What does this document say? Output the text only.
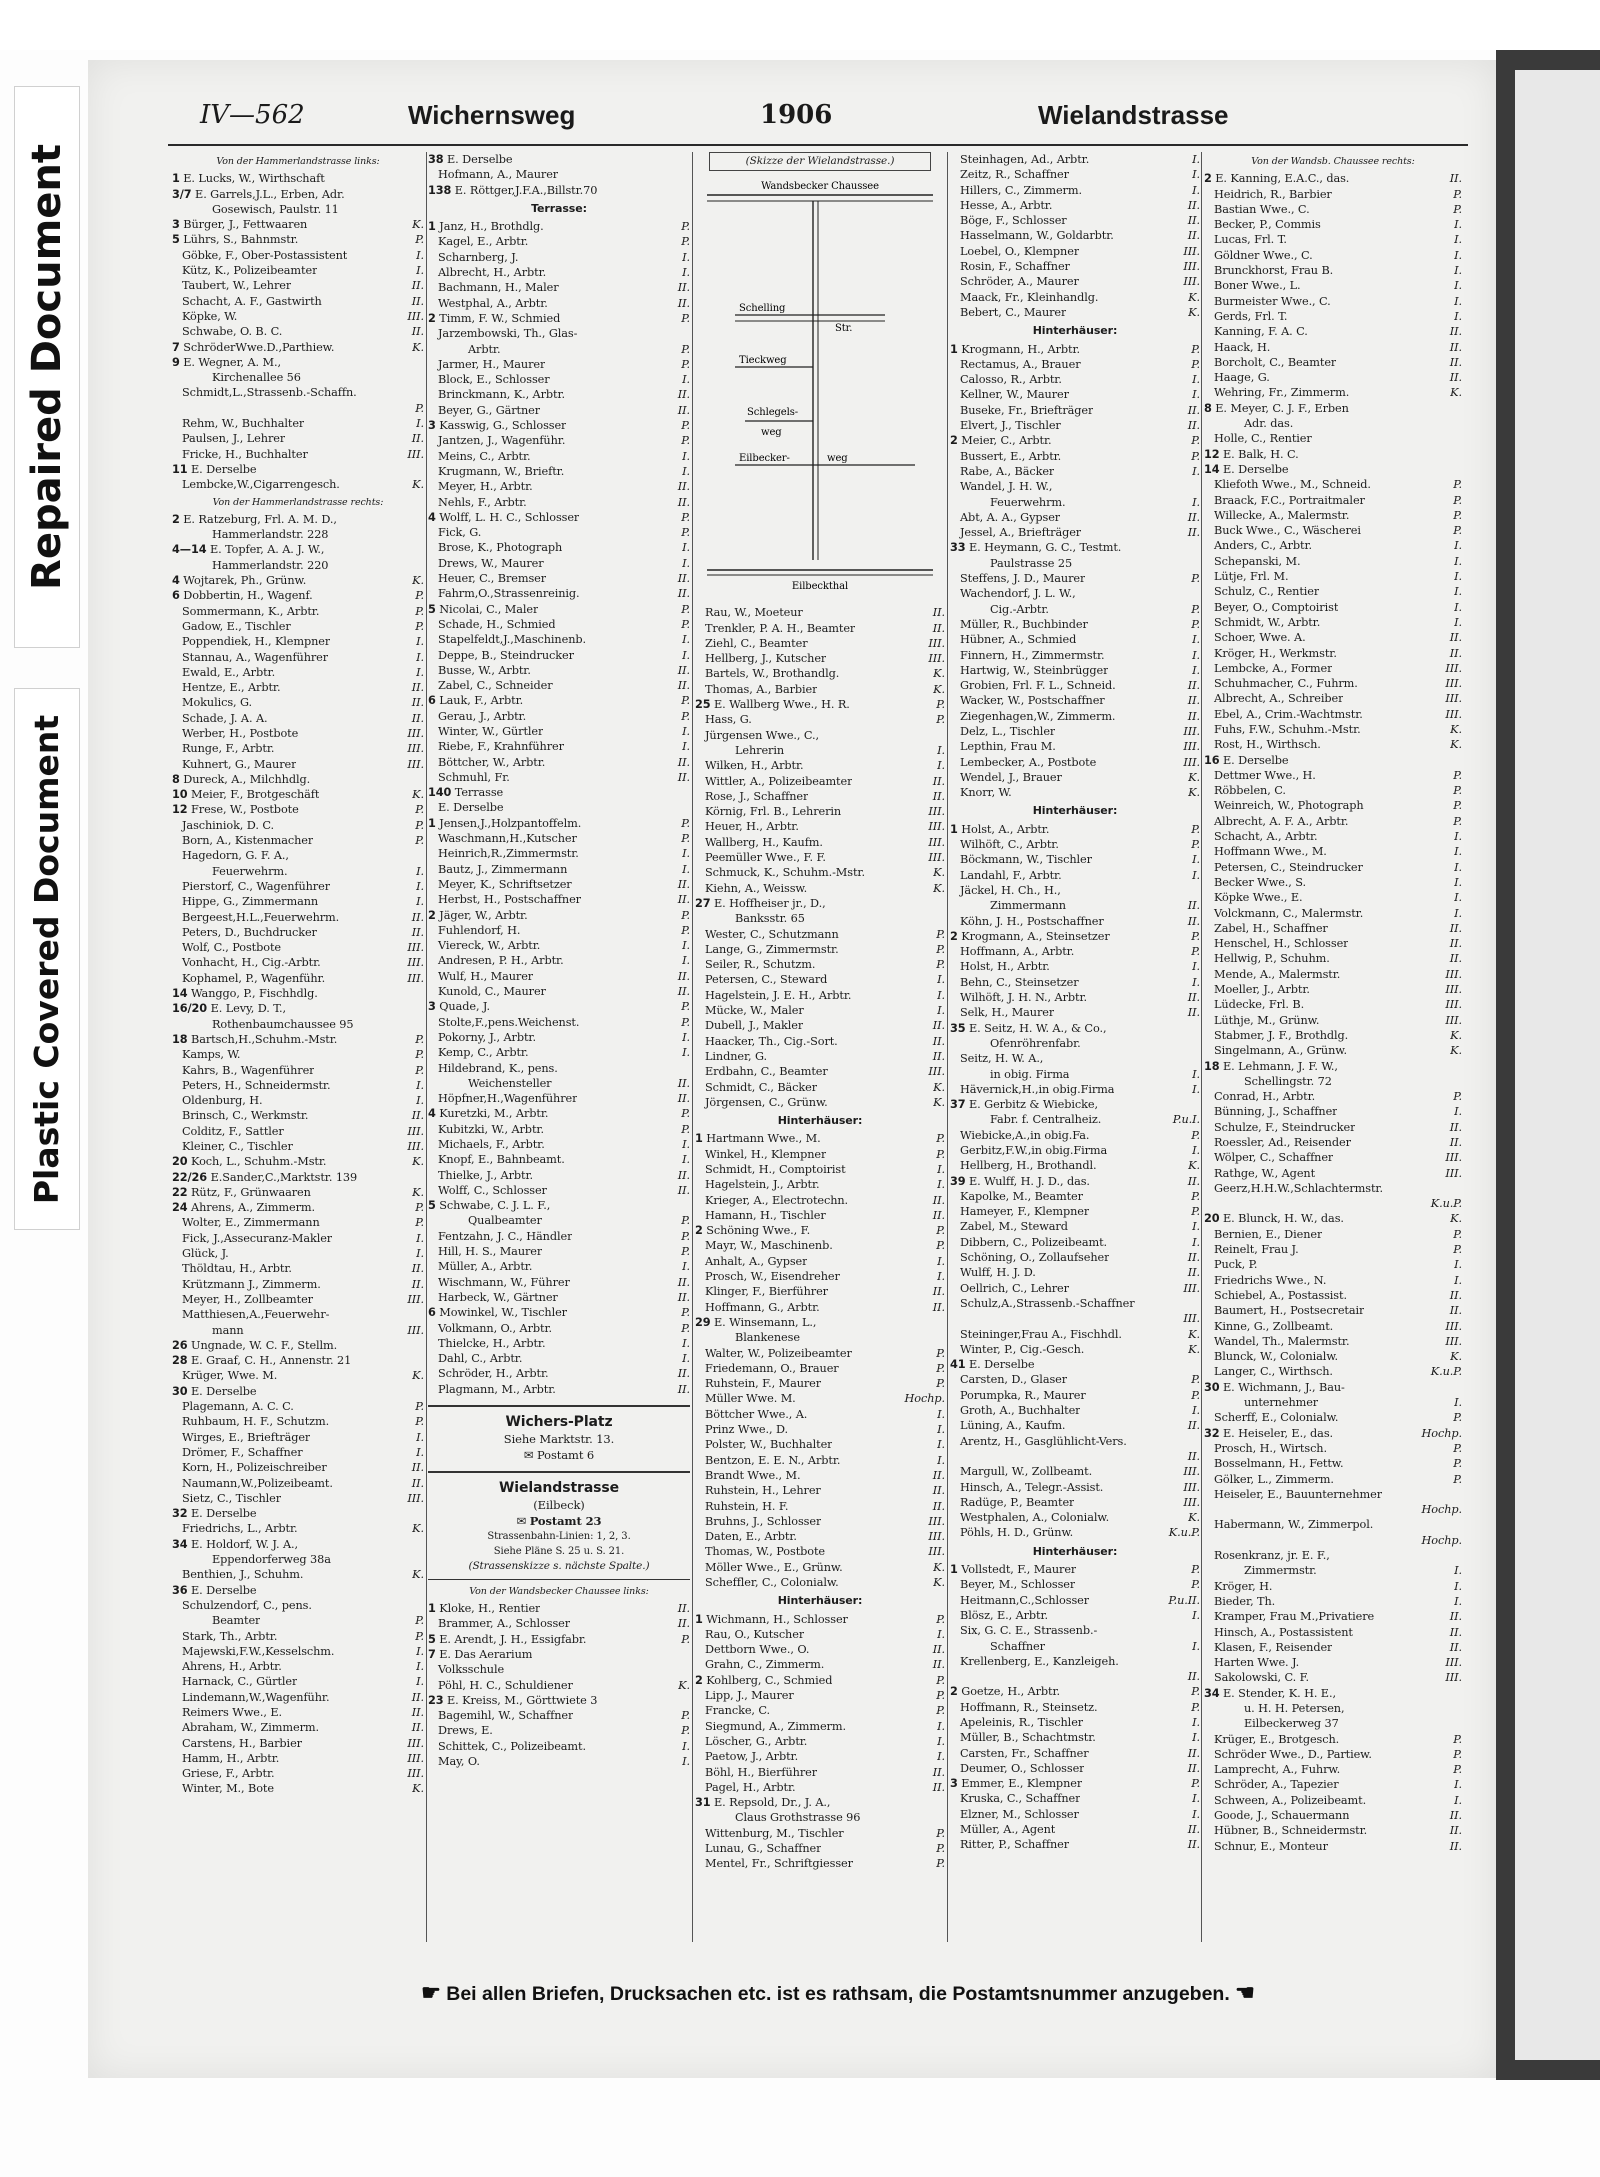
Repaired Document
Plastic Covered Document
IV—562	Wichernsweg	1906	Wielandstrasse
Von der Hammerlandstrasse links:
1 E. Lucks, W., Wirthschaft
3/7 E. Garrels,J.L., Erben, Adr.
Gosewisch, Paulstr. 11
3 Bürger, J., Fettwaaren	K.
5 Lührs, S., Bahnmstr.	P.
Göbke, F., Ober-Postassistent	I.
Kütz, K., Polizeibeamter	I.
Taubert, W., Lehrer	II.
Schacht, A. F., Gastwirth	II.
Köpke, W.	III.
Schwabe, O. B. C.	II.
7 SchröderWwe.D.,Parthiew.	K.
9 E. Wegner, A. M.,
Kirchenallee 56
Schmidt,L.,Strassenb.-Schaffn.
P.
Rehm, W., Buchhalter	I.
Paulsen, J., Lehrer	II.
Fricke, H., Buchhalter	III.
11 E. Derselbe
Lembcke,W.,Cigarrengesch.	K.
Von der Hammerlandstrasse rechts:
2 E. Ratzeburg, Frl. A. M. D.,
Hammerlandstr. 228
4—14 E. Topfer, A. A. J. W.,
Hammerlandstr. 220
4 Wojtarek, Ph., Grünw.	K.
6 Dobbertin, H., Wagenf.	P.
Sommermann, K., Arbtr.	P.
Gadow, E., Tischler	P.
Poppendiek, H., Klempner	I.
Stannau, A., Wagenführer	I.
Ewald, E., Arbtr.	I.
Hentze, E., Arbtr.	II.
Mokulics, G.	II.
Schade, J. A. A.	II.
Werber, H., Postbote	III.
Runge, F., Arbtr.	III.
Kuhnert, G., Maurer	III.
8 Dureck, A., Milchhdlg.
10 Meier, F., Brotgeschäft	K.
12 Frese, W., Postbote	P.
Jaschiniok, D. C.	P.
Born, A., Kistenmacher	P.
Hagedorn, G. F. A.,
Feuerwehrm.	I.
Pierstorf, C., Wagenführer	I.
Hippe, G., Zimmermann	I.
Bergeest,H.L.,Feuerwehrm.	II.
Peters, D., Buchdrucker	II.
Wolf, C., Postbote	III.
Vonhacht, H., Cig.-Arbtr.	III.
Kophamel, P., Wagenführ.	III.
14 Wanggo, P., Fischhdlg.
16/20 E. Levy, D. T.,
Rothenbaumchaussee 95
18 Bartsch,H.,Schuhm.-Mstr.	P.
Kamps, W.	P.
Kahrs, B., Wagenführer	P.
Peters, H., Schneidermstr.	I.
Oldenburg, H.	I.
Brinsch, C., Werkmstr.	II.
Colditz, F., Sattler	III.
Kleiner, C., Tischler	III.
20 Koch, L., Schuhm.-Mstr.	K.
22/26 E.Sander,C.,Marktstr. 139
22 Rütz, F., Grünwaaren	K.
24 Ahrens, A., Zimmerm.	P.
Wolter, E., Zimmermann	P.
Fick, J.,Assecuranz-Makler	I.
Glück, J.	I.
Thöldtau, H., Arbtr.	II.
Krützmann J., Zimmerm.	II.
Meyer, H., Zollbeamter	III.
Matthiesen,A.,Feuerwehr-
mann	III.
26 Ungnade, W. C. F., Stellm.
28 E. Graaf, C. H., Annenstr. 21
Krüger, Wwe. M.	K.
30 E. Derselbe
Plagemann, A. C. C.	P.
Ruhbaum, H. F., Schutzm.	P.
Wirges, E., Briefträger	I.
Drömer, F., Schaffner	I.
Korn, H., Polizeischreiber	II.
Naumann,W.,Polizeibeamt.	II.
Sietz, C., Tischler	III.
32 E. Derselbe
Friedrichs, L., Arbtr.	K.
34 E. Holdorf, W. J. A.,
Eppendorferweg 38a
Benthien, J., Schuhm.	K.
36 E. Derselbe
Schulzendorf, C., pens.
Beamter	P.
Stark, Th., Arbtr.	P.
Majewski,F.W.,Kesselschm.	I.
Ahrens, H., Arbtr.	I.
Harnack, C., Gürtler	I.
Lindemann,W.,Wagenführ.	II.
Reimers Wwe., E.	II.
Abraham, W., Zimmerm.	II.
Carstens, H., Barbier	III.
Hamm, H., Arbtr.	III.
Griese, F., Arbtr.	III.
Winter, M., Bote	K.
38 E. Derselbe
Hofmann, A., Maurer
138 E. Röttger,J.F.A.,Billstr.70
Terrasse:
1 Janz, H., Brothdlg.	P.
Kagel, E., Arbtr.	P.
Scharnberg, J.	I.
Albrecht, H., Arbtr.	I.
Bachmann, H., Maler	II.
Westphal, A., Arbtr.	II.
2 Timm, F. W., Schmied	P.
Jarzembowski, Th., Glas-
Arbtr.	P.
Jarmer, H., Maurer	P.
Block, E., Schlosser	I.
Brinckmann, K., Arbtr.	II.
Beyer, G., Gärtner	II.
3 Kasswig, G., Schlosser	P.
Jantzen, J., Wagenführ.	P.
Meins, C., Arbtr.	I.
Krugmann, W., Brieftr.	I.
Meyer, H., Arbtr.	II.
Nehls, F., Arbtr.	II.
4 Wolff, L. H. C., Schlosser	P.
Fick, G.	P.
Brose, K., Photograph	I.
Drews, W., Maurer	I.
Heuer, C., Bremser	II.
Fahrm,O.,Strassenreinig.	II.
5 Nicolai, C., Maler	P.
Schade, H., Schmied	P.
Stapelfeldt,J.,Maschinenb.	I.
Deppe, B., Steindrucker	I.
Busse, W., Arbtr.	II.
Zabel, C., Schneider	II.
6 Lauk, F., Arbtr.	P.
Gerau, J., Arbtr.	P.
Winter, W., Gürtler	I.
Riebe, F., Krahnführer	I.
Böttcher, W., Arbtr.	II.
Schmuhl, Fr.	II.
140 Terrasse
E. Derselbe
1 Jensen,J.,Holzpantoffelm.	P.
Waschmann,H.,Kutscher	P.
Heinrich,R.,Zimmermstr.	I.
Bautz, J., Zimmermann	I.
Meyer, K., Schriftsetzer	II.
Herbst, H., Postschaffner	II.
2 Jäger, W., Arbtr.	P.
Fuhlendorf, H.	P.
Viereck, W., Arbtr.	I.
Andresen, P. H., Arbtr.	I.
Wulf, H., Maurer	II.
Kunold, C., Maurer	II.
3 Quade, J.	P.
Stolte,F.,pens.Weichenst.	P.
Pokorny, J., Arbtr.	I.
Kemp, C., Arbtr.	I.
Hildebrand, K., pens.
Weichensteller	II.
Höpfner,H.,Wagenführer	II.
4 Kuretzki, M., Arbtr.	P.
Kubitzki, W., Arbtr.	P.
Michaels, F., Arbtr.	I.
Knopf, E., Bahnbeamt.	I.
Thielke, J., Arbtr.	II.
Wolff, C., Schlosser	II.
5 Schwabe, C. J. L. F.,
Qualbeamter	P.
Fentzahn, J. C., Händler	P.
Hill, H. S., Maurer	P.
Müller, A., Arbtr.	I.
Wischmann, W., Führer	II.
Harbeck, W., Gärtner	II.
6 Mowinkel, W., Tischler	P.
Volkmann, O., Arbtr.	P.
Thielcke, H., Arbtr.	I.
Dahl, C., Arbtr.	I.
Schröder, H., Arbtr.	II.
Plagmann, M., Arbtr.	II.
Wichers-Platz
Siehe Marktstr. 13.
✉ Postamt 6
Wielandstrasse
(Eilbeck)
✉ Postamt 23
Strassenbahn-Linien: 1, 2, 3.
Siehe Pläne S. 25 u. S. 21.
(Strassenskizze s. nächste Spalte.)
Von der Wandsbecker Chaussee links:
1 Kloke, H., Rentier	II.
Brammer, A., Schlosser	II.
5 E. Arendt, J. H., Essigfabr.	P.
7 E. Das Aerarium
Volksschule
Pöhl, H. C., Schuldiener	K.
23 E. Kreiss, M., Görttwiete 3
Bagemihl, W., Schaffner	P.
Drews, E.	P.
Schittek, C., Polizeibeamt.	I.
May, O.	I.
(Skizze der Wielandstrasse.)
Wandsbecker Chaussee
Schelling
Str.
Tieckweg
Schlegels-
weg
Eilbecker-	weg
Eilbeckthal
Rau, W., Moeteur	II.
Trenkler, P. A. H., Beamter	II.
Ziehl, C., Beamter	III.
Hellberg, J., Kutscher	III.
Bartels, W., Brothandlg.	K.
Thomas, A., Barbier	K.
25 E. Wallberg Wwe., H. R.	P.
Hass, G.	P.
Jürgensen Wwe., C.,
Lehrerin	I.
Wilken, H., Arbtr.	I.
Wittler, A., Polizeibeamter	II.
Rose, J., Schaffner	II.
Körnig, Frl. B., Lehrerin	III.
Heuer, H., Arbtr.	III.
Wallberg, H., Kaufm.	III.
Peemüller Wwe., F. F.	III.
Schmuck, K., Schuhm.-Mstr.	K.
Kiehn, A., Weissw.	K.
27 E. Hoffheiser jr., D.,
Banksstr. 65
Wester, C., Schutzmann	P.
Lange, G., Zimmermstr.	P.
Seiler, R., Schutzm.	P.
Petersen, C., Steward	I.
Hagelstein, J. E. H., Arbtr.	I.
Mücke, W., Maler	I.
Dubell, J., Makler	II.
Haacker, Th., Cig.-Sort.	II.
Lindner, G.	II.
Erdbahn, C., Beamter	III.
Schmidt, C., Bäcker	K.
Jörgensen, C., Grünw.	K.
Hinterhäuser:
1 Hartmann Wwe., M.	P.
Winkel, H., Klempner	P.
Schmidt, H., Comptoirist	I.
Hagelstein, J., Arbtr.	I.
Krieger, A., Electrotechn.	II.
Hamann, H., Tischler	II.
2 Schöning Wwe., F.	P.
Mayr, W., Maschinenb.	P.
Anhalt, A., Gypser	I.
Prosch, W., Eisendreher	I.
Klinger, F., Bierführer	II.
Hoffmann, G., Arbtr.	II.
29 E. Winsemann, L.,
Blankenese
Walter, W., Polizeibeamter	P.
Friedemann, O., Brauer	P.
Ruhstein, F., Maurer	P.
Müller Wwe. M.	Hochp.
Böttcher Wwe., A.	I.
Prinz Wwe., D.	I.
Polster, W., Buchhalter	I.
Bentzon, E. E. N., Arbtr.	I.
Brandt Wwe., M.	II.
Ruhstein, H., Lehrer	II.
Ruhstein, H. F.	II.
Bruhns, J., Schlosser	III.
Daten, E., Arbtr.	III.
Thomas, W., Postbote	III.
Möller Wwe., E., Grünw.	K.
Scheffler, C., Colonialw.	K.
Hinterhäuser:
1 Wichmann, H., Schlosser	P.
Rau, O., Kutscher	I.
Dettborn Wwe., O.	II.
Grahn, C., Zimmerm.	II.
2 Kohlberg, C., Schmied	P.
Lipp, J., Maurer	P.
Francke, C.	P.
Siegmund, A., Zimmerm.	I.
Löscher, G., Arbtr.	I.
Paetow, J., Arbtr.	I.
Böhl, H., Bierführer	II.
Pagel, H., Arbtr.	II.
31 E. Repsold, Dr., J. A.,
Claus Grothstrasse 96
Wittenburg, M., Tischler	P.
Lunau, G., Schaffner	P.
Mentel, Fr., Schriftgiesser	P.
Steinhagen, Ad., Arbtr.	I.
Zeitz, R., Schaffner	I.
Hillers, C., Zimmerm.	I.
Hesse, A., Arbtr.	II.
Böge, F., Schlosser	II.
Hasselmann, W., Goldarbtr.	II.
Loebel, O., Klempner	III.
Rosin, F., Schaffner	III.
Schröder, A., Maurer	III.
Maack, Fr., Kleinhandlg.	K.
Bebert, C., Maurer	K.
Hinterhäuser:
1 Krogmann, H., Arbtr.	P.
Rectamus, A., Brauer	P.
Calosso, R., Arbtr.	I.
Kellner, W., Maurer	I.
Buseke, Fr., Briefträger	II.
Elvert, J., Tischler	II.
2 Meier, C., Arbtr.	P.
Bussert, E., Arbtr.	P.
Rabe, A., Bäcker	I.
Wandel, J. H. W.,
Feuerwehrm.	I.
Abt, A. A., Gypser	II.
Jessel, A., Briefträger	II.
33 E. Heymann, G. C., Testmt.
Paulstrasse 25
Steffens, J. D., Maurer	P.
Wachendorf, J. L. W.,
Cig.-Arbtr.	P.
Müller, R., Buchbinder	P.
Hübner, A., Schmied	I.
Finnern, H., Zimmermstr.	I.
Hartwig, W., Steinbrügger	I.
Grobien, Frl. F. L., Schneid.	II.
Wacker, W., Postschaffner	II.
Ziegenhagen,W., Zimmerm.	II.
Delz, L., Tischler	III.
Lepthin, Frau M.	III.
Lembecker, A., Postbote	III.
Wendel, J., Brauer	K.
Knorr, W.	K.
Hinterhäuser:
1 Holst, A., Arbtr.	P.
Wilhöft, C., Arbtr.	P.
Böckmann, W., Tischler	I.
Landahl, F., Arbtr.	I.
Jäckel, H. Ch., H.,
Zimmermann	II.
Köhn, J. H., Postschaffner	II.
2 Krogmann, A., Steinsetzer	P.
Hoffmann, A., Arbtr.	P.
Holst, H., Arbtr.	I.
Behn, C., Steinsetzer	I.
Wilhöft, J. H. N., Arbtr.	II.
Selk, H., Maurer	II.
35 E. Seitz, H. W. A., & Co.,
Ofenröhrenfabr.
Seitz, H. W. A.,
in obig. Firma	I.
Hävernick,H.,in obig.Firma	I.
37 E. Gerbitz & Wiebicke,
Fabr. f. Centralheiz.	P.u.I.
Wiebicke,A.,in obig.Fa.	P.
Gerbitz,F.W.,in obig.Firma	I.
Hellberg, H., Brothandl.	K.
39 E. Wulff, H. J. D., das.	II.
Kapolke, M., Beamter	P.
Hameyer, F., Klempner	P.
Zabel, M., Steward	I.
Dibbern, C., Polizeibeamt.	I.
Schöning, O., Zollaufseher	II.
Wulff, H. J. D.	II.
Oellrich, C., Lehrer	III.
Schulz,A.,Strassenb.-Schaffner
III.
Steininger,Frau A., Fischhdl.	K.
Winter, P., Cig.-Gesch.	K.
41 E. Derselbe
Carsten, D., Glaser	P.
Porumpka, R., Maurer	P.
Groth, A., Buchhalter	I.
Lüning, A., Kaufm.	II.
Arentz, H., Gasglühlicht-Vers.
II.
Margull, W., Zollbeamt.	III.
Hinsch, A., Telegr.-Assist.	III.
Radüge, P., Beamter	III.
Westphalen, A., Colonialw.	K.
Pöhls, H. D., Grünw.	K.u.P.
Hinterhäuser:
1 Vollstedt, F., Maurer	P.
Beyer, M., Schlosser	P.
Heitmann,C.,Schlosser	P.u.II.
Blösz, E., Arbtr.	I.
Six, G. C. E., Strassenb.-
Schaffner	I.
Krellenberg, E., Kanzleigeh.
II.
2 Goetze, H., Arbtr.	P.
Hoffmann, R., Steinsetz.	P.
Apeleinis, R., Tischler	I.
Müller, B., Schachtmstr.	I.
Carsten, Fr., Schaffner	II.
Deumer, O., Schlosser	II.
3 Emmer, E., Klempner	P.
Kruska, C., Schaffner	I.
Elzner, M., Schlosser	I.
Müller, A., Agent	II.
Ritter, P., Schaffner	II.
Von der Wandsb. Chaussee rechts:
2 E. Kanning, E.A.C., das.	II.
Heidrich, R., Barbier	P.
Bastian Wwe., C.	P.
Becker, P., Commis	I.
Lucas, Frl. T.	I.
Göldner Wwe., C.	I.
Brunckhorst, Frau B.	I.
Boner Wwe., L.	I.
Burmeister Wwe., C.	I.
Gerds, Frl. T.	I.
Kanning, F. A. C.	II.
Haack, H.	II.
Borcholt, C., Beamter	II.
Haage, G.	II.
Wehring, Fr., Zimmerm.	K.
8 E. Meyer, C. J. F., Erben
Adr. das.
Holle, C., Rentier
12 E. Balk, H. C.
14 E. Derselbe
Kliefoth Wwe., M., Schneid.	P.
Braack, F.C., Portraitmaler	P.
Willecke, A., Malermstr.	P.
Buck Wwe., C., Wäscherei	P.
Anders, C., Arbtr.	I.
Schepanski, M.	I.
Lütje, Frl. M.	I.
Schulz, C., Rentier	I.
Beyer, O., Comptoirist	I.
Schmidt, W., Arbtr.	I.
Schoer, Wwe. A.	II.
Kröger, H., Werkmstr.	II.
Lembcke, A., Former	III.
Schuhmacher, C., Fuhrm.	III.
Albrecht, A., Schreiber	III.
Ebel, A., Crim.-Wachtmstr.	III.
Fuhs, F.W., Schuhm.-Mstr.	K.
Rost, H., Wirthsch.	K.
16 E. Derselbe
Dettmer Wwe., H.	P.
Röbbelen, C.	P.
Weinreich, W., Photograph	P.
Albrecht, A. F. A., Arbtr.	P.
Schacht, A., Arbtr.	I.
Hoffmann Wwe., M.	I.
Petersen, C., Steindrucker	I.
Becker Wwe., S.	I.
Köpke Wwe., E.	I.
Volckmann, C., Malermstr.	I.
Zabel, H., Schaffner	II.
Henschel, H., Schlosser	II.
Hellwig, P., Schuhm.	II.
Mende, A., Malermstr.	III.
Moeller, J., Arbtr.	III.
Lüdecke, Frl. B.	III.
Lüthje, M., Grünw.	III.
Stabmer, J. F., Brothdlg.	K.
Singelmann, A., Grünw.	K.
18 E. Lehmann, J. F. W.,
Schellingstr. 72
Conrad, H., Arbtr.	P.
Bünning, J., Schaffner	I.
Schulze, F., Steindrucker	II.
Roessler, Ad., Reisender	II.
Wölper, C., Schaffner	III.
Rathge, W., Agent	III.
Geerz,H.H.W.,Schlachtermstr.
K.u.P.
20 E. Blunck, H. W., das.	K.
Bernien, E., Diener	P.
Reinelt, Frau J.	P.
Puck, P.	I.
Friedrichs Wwe., N.	I.
Schiebel, A., Postassist.	II.
Baumert, H., Postsecretair	II.
Kinne, G., Zollbeamt.	III.
Wandel, Th., Malermstr.	III.
Blunck, W., Colonialw.	K.
Langer, C., Wirthsch.	K.u.P.
30 E. Wichmann, J., Bau-
unternehmer	I.
Scherff, E., Colonialw.	P.
32 E. Heiseler, E., das.	Hochp.
Prosch, H., Wirtsch.	P.
Bosselmann, H., Fettw.	P.
Gölker, L., Zimmerm.	P.
Heiseler, E., Bauunternehmer
Hochp.
Habermann, W., Zimmerpol.
Hochp.
Rosenkranz, jr. E. F.,
Zimmermstr.	I.
Kröger, H.	I.
Bieder, Th.	I.
Kramper, Frau M.,Privatiere	II.
Hinsch, A., Postassistent	II.
Klasen, F., Reisender	II.
Harten Wwe. J.	III.
Sakolowski, C. F.	III.
34 E. Stender, K. H. E.,
u. H. H. Petersen,
Eilbeckerweg 37
Krüger, E., Brotgesch.	P.
Schröder Wwe., D., Partiew.	P.
Lamprecht, A., Fuhrw.	P.
Schröder, A., Tapezier	I.
Schween, A., Polizeibeamt.	I.
Goode, J., Schauermann	II.
Hübner, B., Schneidermstr.	II.
Schnur, E., Monteur	II.
☛ Bei allen Briefen, Drucksachen etc. ist es rathsam, die Postamtsnummer anzugeben. ☚
